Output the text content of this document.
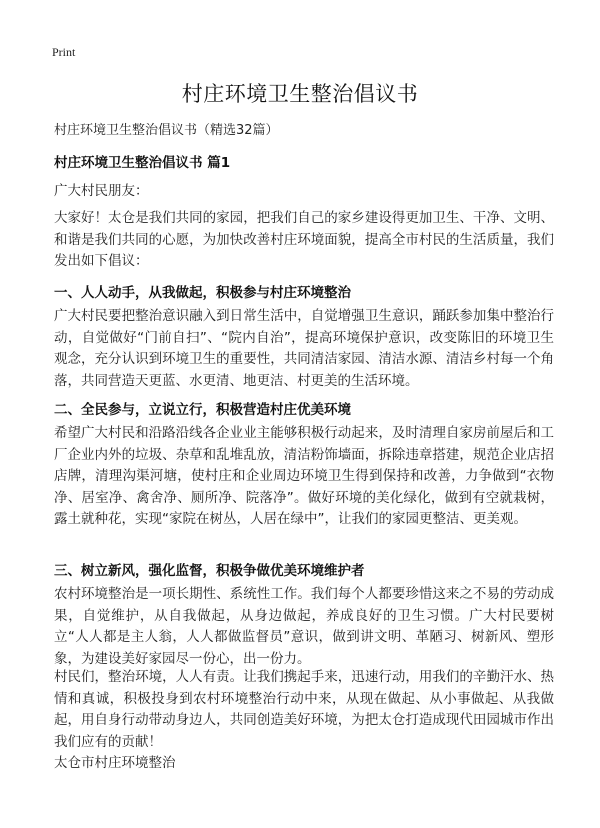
Print
村庄环境卫生整治倡议书
村庄环境卫生整治倡议书（精选32篇）
村庄环境卫生整治倡议书 篇1

广大村民朋友：

大家好！太仓是我们共同的家园，把我们自己的家乡建设得更加卫生、干净、文明、和谐是我们共同的心愿，为加快改善村庄环境面貌，提高全市村民的生活质量，我们发出如下倡议：

一、人人动手，从我做起，积极参与村庄环境整治

广大村民要把整治意识融入到日常生活中，自觉增强卫生意识，踊跃参加集中整治行动，自觉做好“门前自扫”、“院内自治”，提高环境保护意识，改变陈旧的环境卫生观念，充分认识到环境卫生的重要性，共同清洁家园、清洁水源、清洁乡村每一个角落，共同营造天更蓝、水更清、地更洁、村更美的生活环境。

二、全民参与，立说立行，积极营造村庄优美环境

希望广大村民和沿路沿线各企业业主能够积极行动起来，及时清理自家房前屋后和工厂企业内外的垃圾、杂草和乱堆乱放，清洁粉饰墙面，拆除违章搭建，规范企业店招店牌，清理沟渠河塘，使村庄和企业周边环境卫生得到保持和改善，力争做到“衣物净、居室净、禽舍净、厕所净、院落净”。做好环境的美化绿化，做到有空就栽树，露土就种花，实现“家院在树丛，人居在绿中”，让我们的家园更整洁、更美观。

三、树立新风，强化监督，积极争做优美环境维护者

农村环境整治是一项长期性、系统性工作。我们每个人都要珍惜这来之不易的劳动成果，自觉维护，从自我做起，从身边做起，养成良好的卫生习惯。广大村民要树立“人人都是主人翁，人人都做监督员”意识，做到讲文明、革陋习、树新风、塑形象，为建设美好家园尽一份心，出一份力。

村民们，整治环境，人人有责。让我们携起手来，迅速行动，用我们的辛勤汗水、热情和真诚，积极投身到农村环境整治行动中来，从现在做起、从小事做起、从我做起，用自身行动带动身边人，共同创造美好环境，为把太仓打造成现代田园城市作出我们应有的贡献！

太仓市村庄环境整治
